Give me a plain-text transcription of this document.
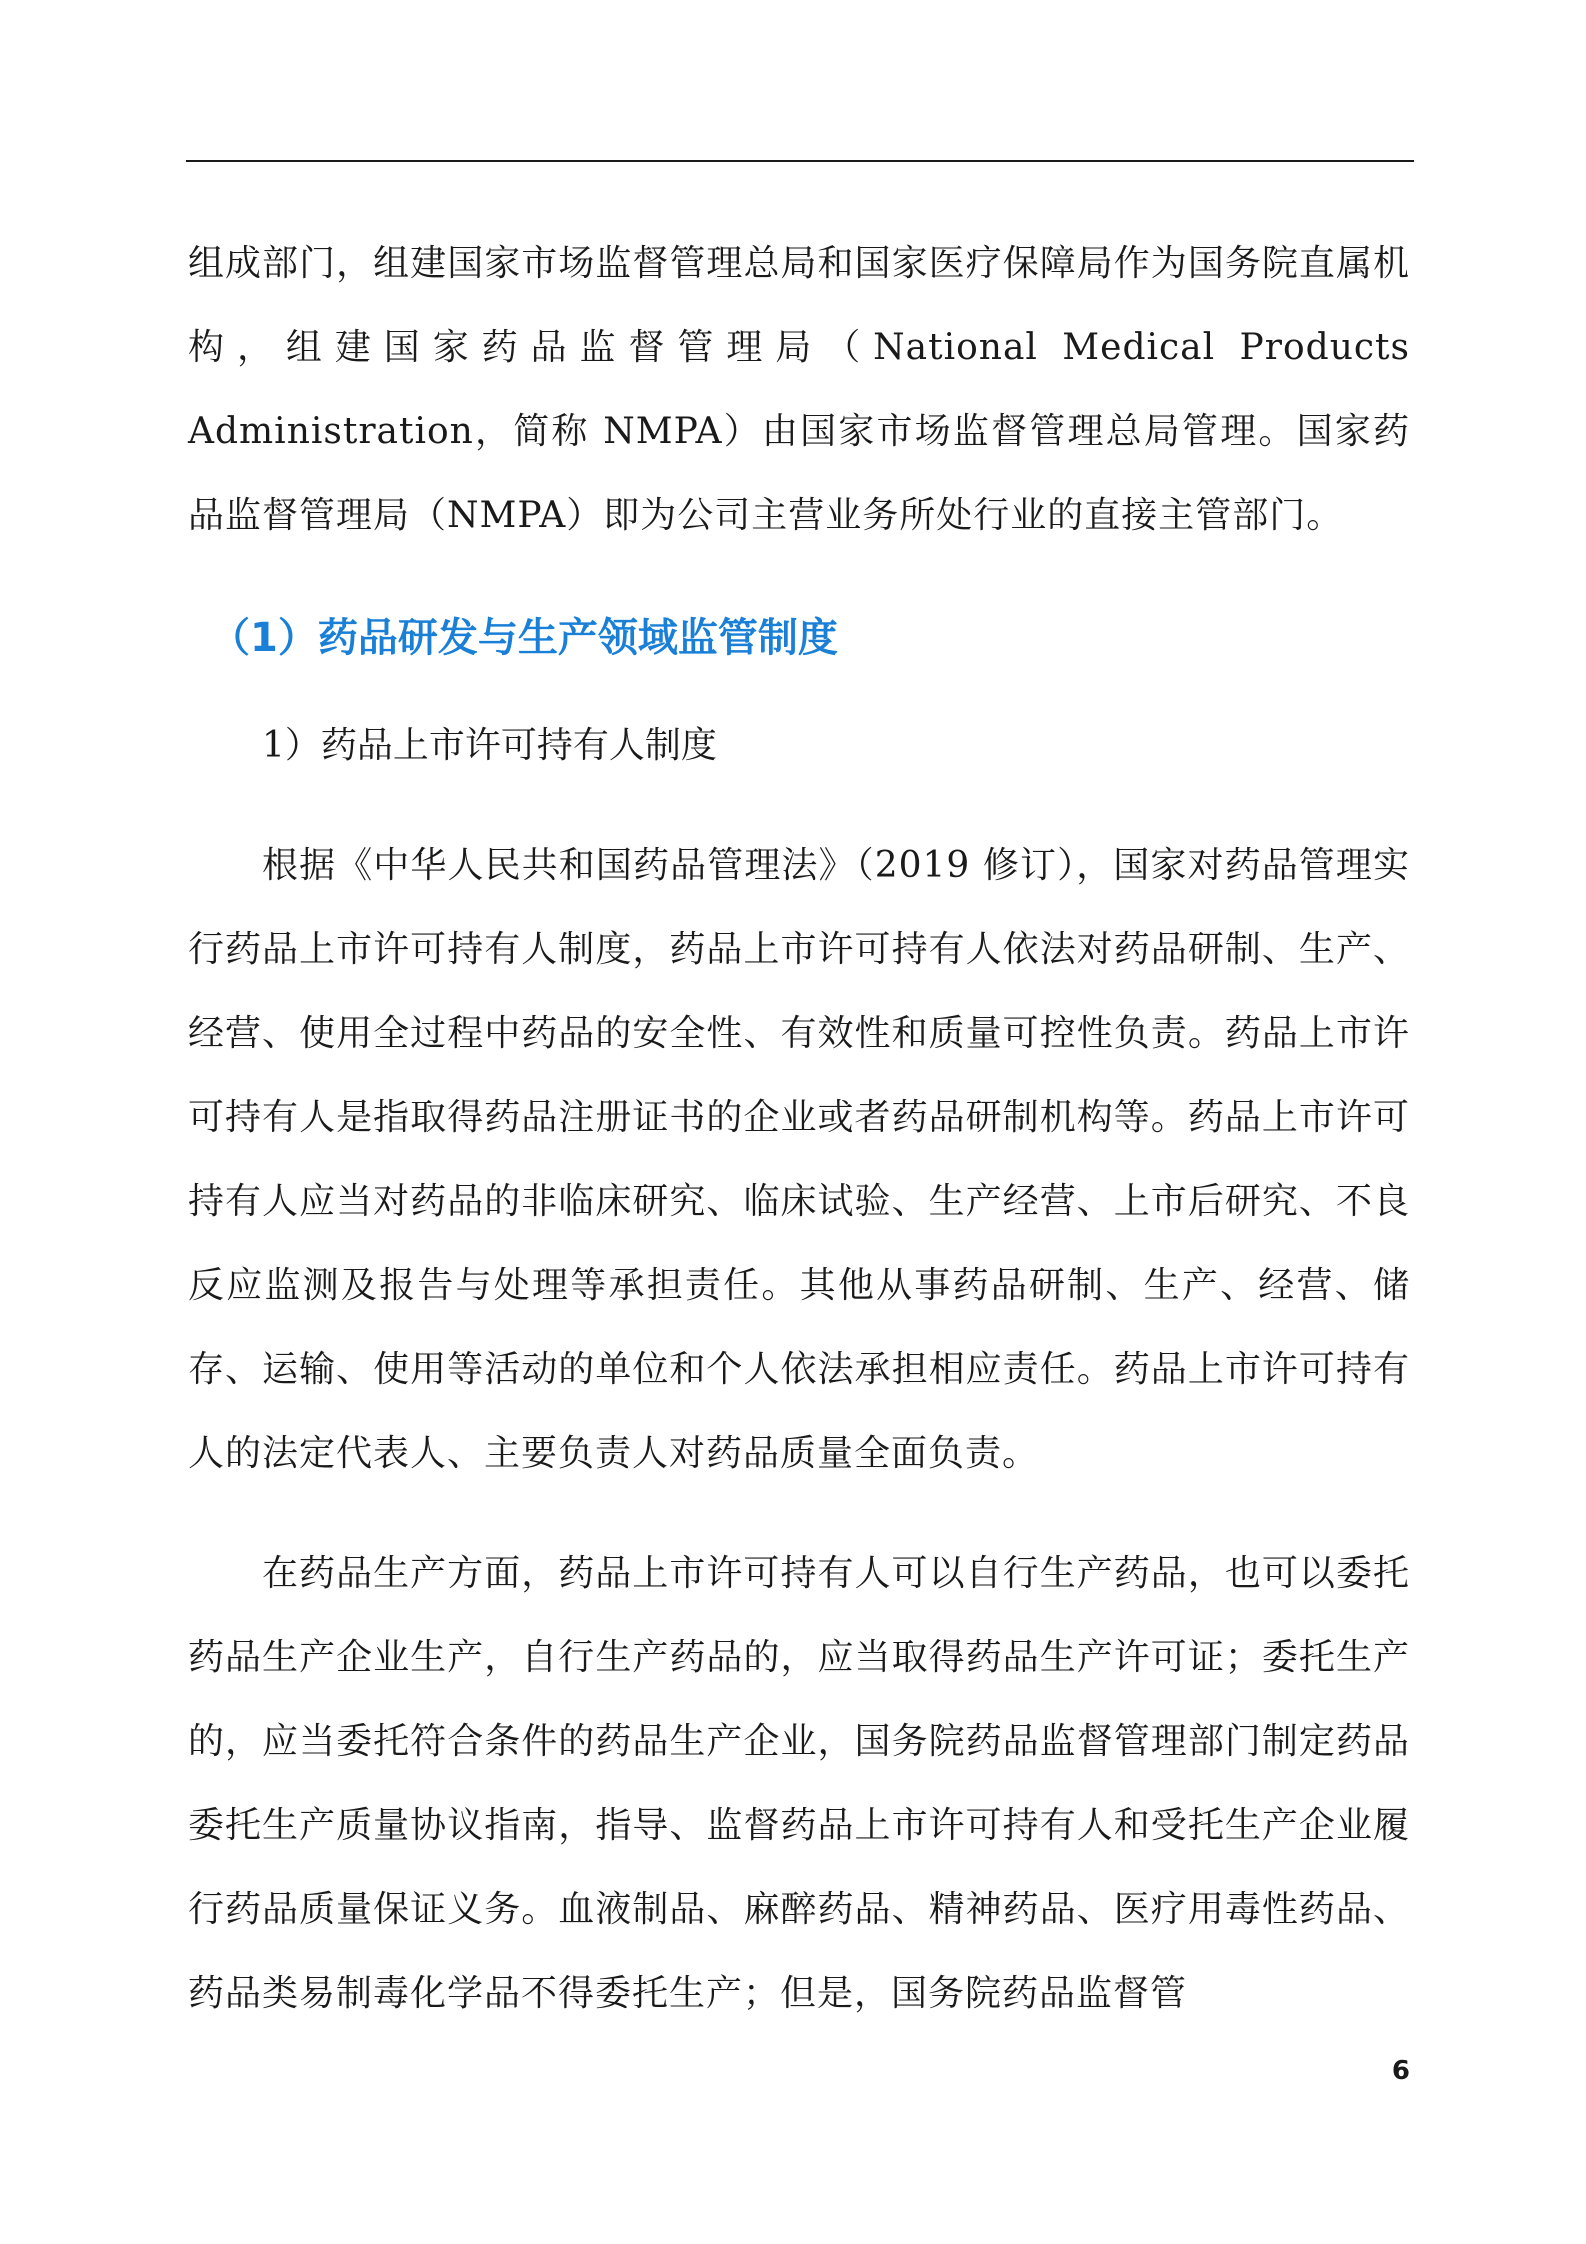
组成部门，组建国家市场监督管理总局和国家医疗保障局作为国务院直属机构，组建国家药品监督管理局（National Medical Products Administration，简称 NMPA）由国家市场监督管理总局管理。国家药品监督管理局（NMPA）即为公司主营业务所处行业的直接主管部门。

（1）药品研发与生产领域监管制度

1）药品上市许可持有人制度

根据《中华人民共和国药品管理法》（2019 修订），国家对药品管理实行药品上市许可持有人制度，药品上市许可持有人依法对药品研制、生产、经营、使用全过程中药品的安全性、有效性和质量可控性负责。药品上市许可持有人是指取得药品注册证书的企业或者药品研制机构等。药品上市许可持有人应当对药品的非临床研究、临床试验、生产经营、上市后研究、不良反应监测及报告与处理等承担责任。其他从事药品研制、生产、经营、储存、运输、使用等活动的单位和个人依法承担相应责任。药品上市许可持有人的法定代表人、主要负责人对药品质量全面负责。

在药品生产方面，药品上市许可持有人可以自行生产药品，也可以委托药品生产企业生产，自行生产药品的，应当取得药品生产许可证；委托生产的，应当委托符合条件的药品生产企业，国务院药品监督管理部门制定药品委托生产质量协议指南，指导、监督药品上市许可持有人和受托生产企业履行药品质量保证义务。血液制品、麻醉药品、精神药品、医疗用毒性药品、药品类易制毒化学品不得委托生产；但是，国务院药品监督管

6
